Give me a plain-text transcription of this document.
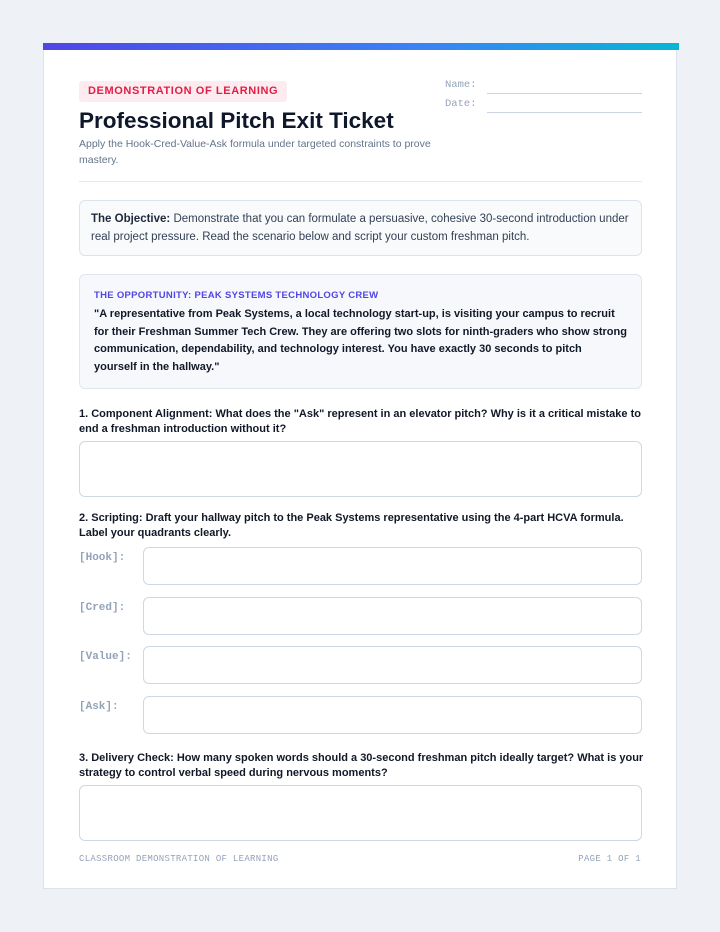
DEMONSTRATION OF LEARNING
Professional Pitch Exit Ticket

Apply the Hook-Cred-Value-Ask formula under targeted constraints to prove mastery.

Name:
Date:
The Objective: Demonstrate that you can formulate a persuasive, cohesive 30-second introduction under real project pressure. Read the scenario below and script your custom freshman pitch.
THE OPPORTUNITY: PEAK SYSTEMS TECHNOLOGY CREW
"A representative from Peak Systems, a local technology start-up, is visiting your campus to recruit for their Freshman Summer Tech Crew. They are offering two slots for ninth-graders who show strong communication, dependability, and technology interest. You have exactly 30 seconds to pitch yourself in the hallway."
1. Component Alignment: What does the "Ask" represent in an elevator pitch? Why is it a critical mistake to end a freshman introduction without it?
2. Scripting: Draft your hallway pitch to the Peak Systems representative using the 4-part HCVA formula. Label your quadrants clearly.
[Hook]:
[Cred]:
[Value]:
[Ask]:
3. Delivery Check: How many spoken words should a 30-second freshman pitch ideally target? What is your strategy to control verbal speed during nervous moments?
CLASSROOM DEMONSTRATION OF LEARNING	PAGE 1 OF 1
